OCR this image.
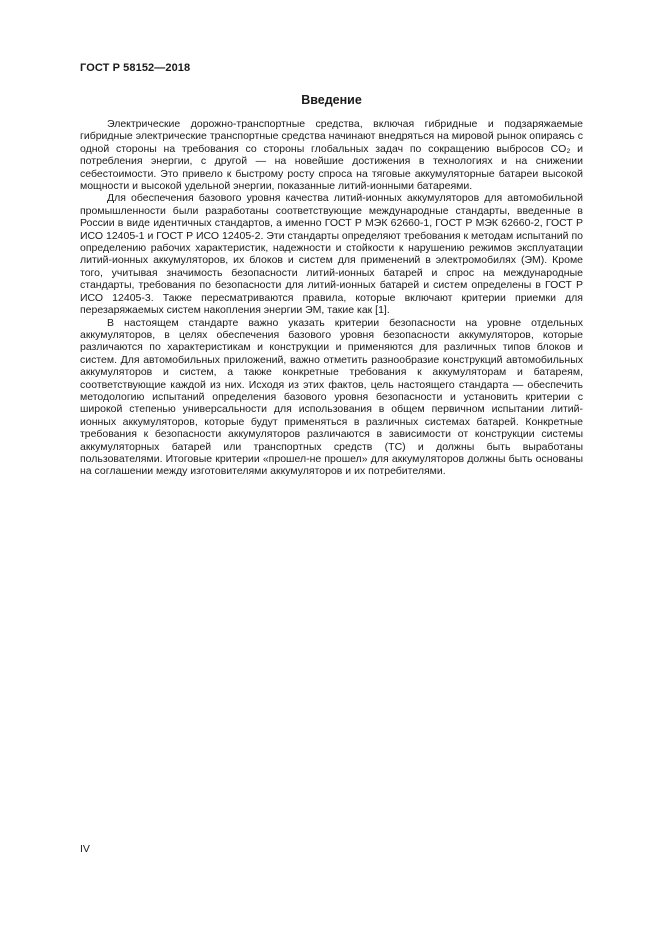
ГОСТ Р 58152—2018
Введение

Электрические дорожно-транспортные средства, включая гибридные и подзаряжаемые гибридные электрические транспортные средства начинают внедряться на мировой рынок опираясь с одной стороны на требования со стороны глобальных задач по сокращению выбросов CO₂ и потребления энергии, с другой — на новейшие достижения в технологиях и на снижении себестоимости. Это привело к быстрому росту спроса на тяговые аккумуляторные батареи высокой мощности и высокой удельной энергии, показанные литий-ионными батареями.

Для обеспечения базового уровня качества литий-ионных аккумуляторов для автомобильной промышленности были разработаны соответствующие международные стандарты, введенные в России в виде идентичных стандартов, а именно ГОСТ Р МЭК 62660-1, ГОСТ Р МЭК 62660-2, ГОСТ Р ИСО 12405-1 и ГОСТ Р ИСО 12405-2. Эти стандарты определяют требования к методам испытаний по определению рабочих характеристик, надежности и стойкости к нарушению режимов эксплуатации литий-ионных аккумуляторов, их блоков и систем для применений в электромобилях (ЭМ). Кроме того, учитывая значимость безопасности литий-ионных батарей и спрос на международные стандарты, требования по безопасности для литий-ионных батарей и систем определены в ГОСТ Р ИСО 12405-3. Также пересматриваются правила, которые включают критерии приемки для перезаряжаемых систем накопления энергии ЭМ, такие как [1].

В настоящем стандарте важно указать критерии безопасности на уровне отдельных аккумуляторов, в целях обеспечения базового уровня безопасности аккумуляторов, которые различаются по характеристикам и конструкции и применяются для различных типов блоков и систем. Для автомобильных приложений, важно отметить разнообразие конструкций автомобильных аккумуляторов и систем, а также конкретные требования к аккумуляторам и батареям, соответствующие каждой из них. Исходя из этих фактов, цель настоящего стандарта — обеспечить методологию испытаний определения базового уровня безопасности и установить критерии с широкой степенью универсальности для использования в общем первичном испытании литий-ионных аккумуляторов, которые будут применяться в различных системах батарей. Конкретные требования к безопасности аккумуляторов различаются в зависимости от конструкции системы аккумуляторных батарей или транспортных средств (ТС) и должны быть выработаны пользователями. Итоговые критерии «прошел-не прошел» для аккумуляторов должны быть основаны на соглашении между изготовителями аккумуляторов и их потребителями.

IV
